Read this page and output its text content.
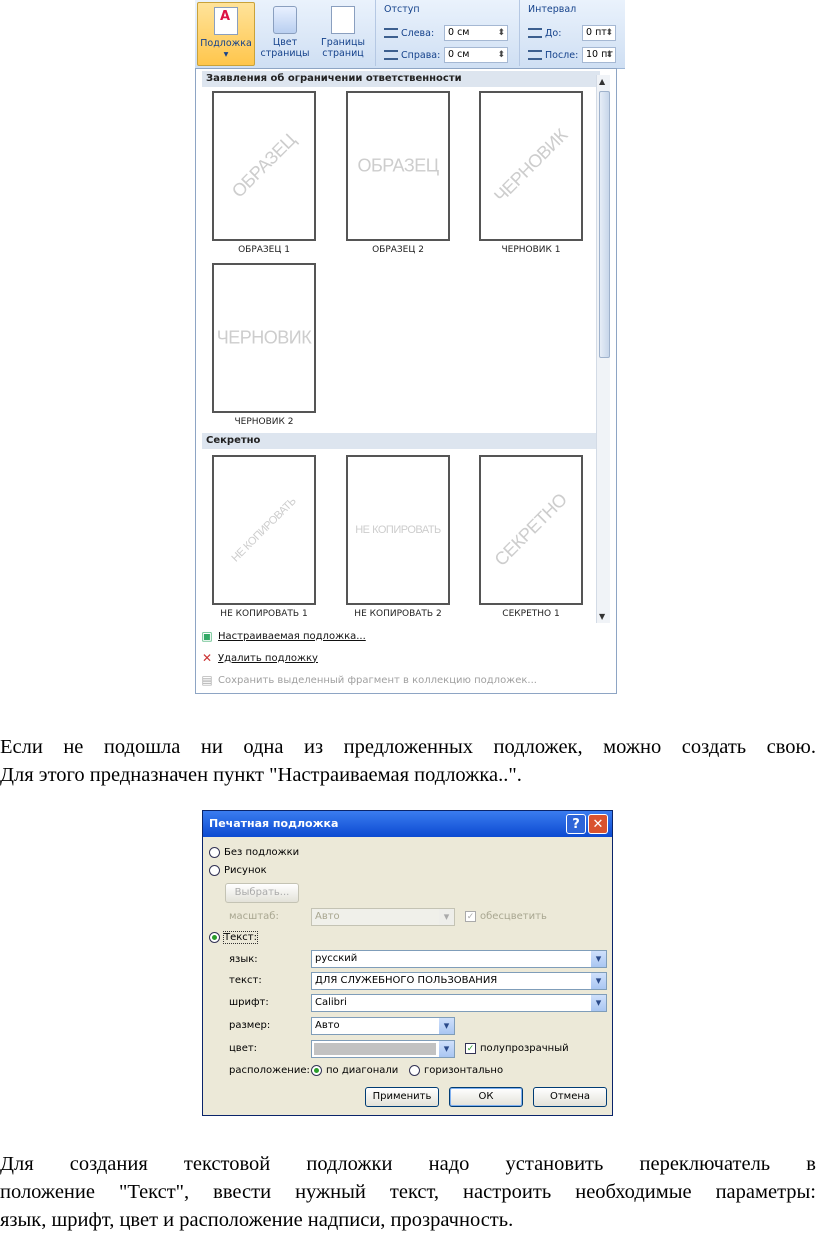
A
Подложка
▾
Цвет страницы
Границы страниц
Отступ
Слева:	0 см ⬍
Справа: 0 см ⬍
Интервал
До:	0 пт ⬍
После: 10 пт ⬍
Заявления об ограничении ответственности
ОБРАЗЕЦ
ОБРАЗЕЦ 1
ОБРАЗЕЦ
ОБРАЗЕЦ 2
ЧЕРНОВИК
ЧЕРНОВИК 1
ЧЕРНОВИК
ЧЕРНОВИК 2
Секретно
НЕ КОПИРОВАТЬ
НЕ КОПИРОВАТЬ 1
НЕ КОПИРОВАТЬ
НЕ КОПИРОВАТЬ 2
СЕКРЕТНО
СЕКРЕТНО 1
▲
▼
▣ Настраиваемая подложка...
✕ Удалить подложку
▤ Сохранить выделенный фрагмент в коллекцию подложек...
Если не подошла ни одна из предложенных подложек, можно создать свою.
Для этого предназначен пункт "Настраиваемая подложка..".
Печатная подложка	? ✕
Без подложки
Рисунок
Выбрать...
масштаб:	Авто ▾	✓ обесцветить
Текст:
язык:	русский ▾
текст:	ДЛЯ СЛУЖЕБНОГО ПОЛЬЗОВАНИЯ ▾
шрифт:	Calibri ▾
размер:	Авто ▾
цвет:
▾	✓ полупрозрачный
расположение: по диагонали	горизонтально
Применить	ОК	Отмена
Для создания текстовой подложки надо установить переключатель в
положение "Текст", ввести нужный текст, настроить необходимые параметры:
язык, шрифт, цвет и расположение надписи, прозрачность.
